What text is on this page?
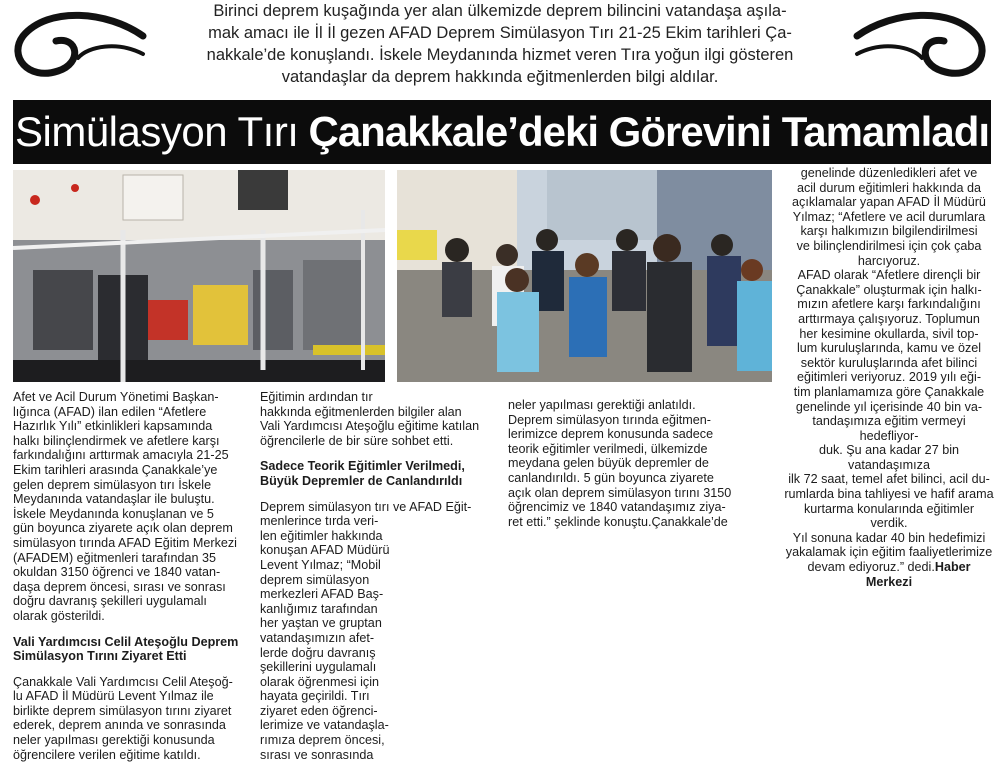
Birinci deprem kuşağında yer alan ülkemizde deprem bilincini vatandaşa aşıla-

mak amacı ile İl İl gezen AFAD Deprem Simülasyon Tırı 21-25 Ekim tarihleri Ça-

nakkale’de konuşlandı. İskele Meydanında hizmet veren Tıra yoğun ilgi gösteren

vatandaşlar da deprem hakkında eğitmenlerden bilgi aldılar.

Simülasyon Tırı Çanakkale’deki Görevini Tamamladı

Afet ve Acil Durum Yönetimi Başkan-

lığınca (AFAD) ilan edilen “Afetlere

Hazırlık Yılı” etkinlikleri kapsamında

halkı bilinçlendirmek ve afetlere karşı

farkındalığını arttırmak amacıyla 21-25

Ekim tarihleri arasında Çanakkale’ye

gelen deprem simülasyon tırı İskele

Meydanında vatandaşlar ile buluştu.

İskele Meydanında konuşlanan ve 5

gün boyunca ziyarete açık olan deprem

simülasyon tırında AFAD Eğitim Merkezi

(AFADEM) eğitmenleri tarafından 35

okuldan 3150 öğrenci ve 1840 vatan-

daşa deprem öncesi, sırası ve sonrası

doğru davranış şekilleri uygulamalı

olarak gösterildi.

Vali Yardımcısı Celil Ateşoğlu Deprem
Simülasyon Tırını Ziyaret Etti

Çanakkale Vali Yardımcısı Celil Ateşoğ-

lu AFAD İl Müdürü Levent Yılmaz ile

birlikte deprem simülasyon tırını ziyaret

ederek, deprem anında ve sonrasında

neler yapılması gerektiği konusunda

öğrencilere verilen eğitime katıldı.

Eğitimin ardından tır

hakkında eğitmenlerden bilgiler alan

Vali Yardımcısı Ateşoğlu eğitime katılan

öğrencilerle de bir süre sohbet etti.

Sadece Teorik Eğitimler Verilmedi,
Büyük Depremler de Canlandırıldı

Deprem simülasyon tırı ve AFAD Eğit-

menlerince tırda veri-

len eğitimler hakkında

konuşan AFAD Müdürü

Levent Yılmaz; “Mobil

deprem simülasyon

merkezleri AFAD Baş-

kanlığımız tarafından

her yaştan ve gruptan

vatandaşımızın afet-

lerde doğru davranış

şekillerini uygulamalı

olarak öğrenmesi için

hayata geçirildi. Tırı

ziyaret eden öğrenci-

lerimize ve vatandaşla-

rımıza deprem öncesi,

sırası ve sonrasında

neler yapılması gerektiği anlatıldı.

Deprem simülasyon tırında eğitmen-

lerimizce deprem konusunda sadece

teorik eğitimler verilmedi, ülkemizde

meydana gelen büyük depremler de

canlandırıldı. 5 gün boyunca ziyarete

açık olan deprem simülasyon tırını 3150

öğrencimiz ve 1840 vatandaşımız ziya-

ret etti.” şeklinde konuştu.Çanakkale’de

genelinde düzenledikleri afet ve

acil durum eğitimleri hakkında da

açıklamalar yapan AFAD İl Müdürü

Yılmaz; “Afetlere ve acil durumlara

karşı halkımızın bilgilendirilmesi

ve bilinçlendirilmesi için çok çaba

harcıyoruz.

AFAD olarak “Afetlere dirençli bir

Çanakkale” oluşturmak için halkı-

mızın afetlere karşı farkındalığını

arttırmaya çalışıyoruz. Toplumun

her kesimine okullarda, sivil top-

lum kuruluşlarında, kamu ve özel

sektör kuruluşlarında afet bilinci

eğitimleri veriyoruz. 2019 yılı eği-

tim planlamamıza göre Çanakkale

genelinde yıl içerisinde 40 bin va-

tandaşımıza eğitim vermeyi hedefliyor-

duk. Şu ana kadar 27 bin vatandaşımıza

ilk 72 saat, temel afet bilinci, acil du-

rumlarda bina tahliyesi ve hafif arama

kurtarma konularında eğitimler verdik.

Yıl sonuna kadar 40 bin hedefimizi

yakalamak için eğitim faaliyetlerimize

devam ediyoruz.” dedi.Haber Merkezi
